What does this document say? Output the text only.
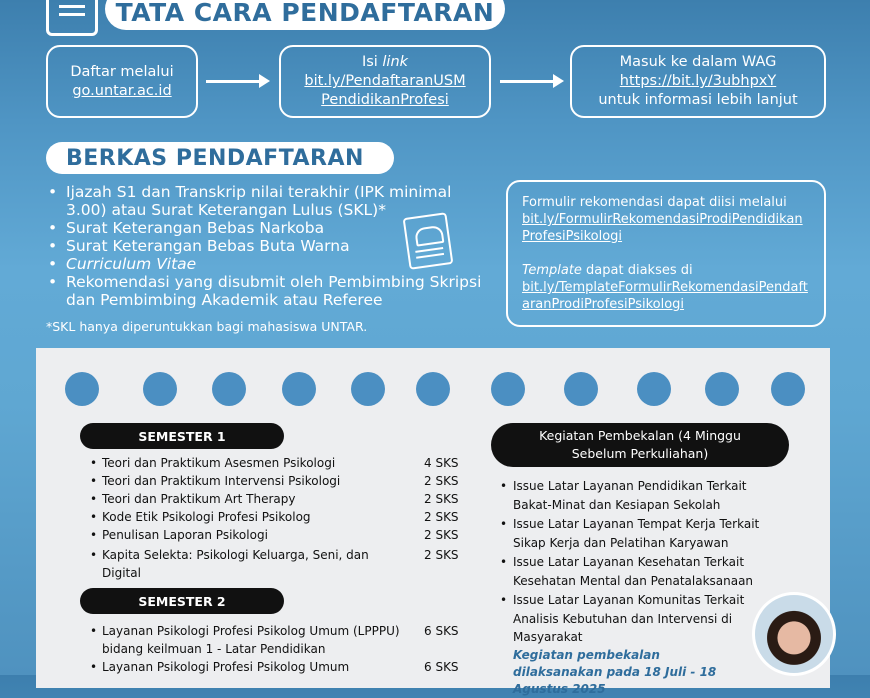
TATA CARA PENDAFTARAN
Daftar melalui
go.untar.ac.id
Isi link
bit.ly/PendaftaranUSM
PendidikanProfesi
Masuk ke dalam WAG
https://bit.ly/3ubhpxY
untuk informasi lebih lanjut
BERKAS PENDAFTARAN
• Ijazah S1 dan Transkrip nilai terakhir (IPK minimal 3.00) atau Surat Keterangan Lulus (SKL)*
• Surat Keterangan Bebas Narkoba
• Surat Keterangan Bebas Buta Warna
• Curriculum Vitae
• Rekomendasi yang disubmit oleh Pembimbing Skripsi dan Pembimbing Akademik atau Referee
*SKL hanya diperuntukkan bagi mahasiswa UNTAR.
Formulir rekomendasi dapat diisi melalui
bit.ly/FormulirRekomendasiProdiPendidikanProfesiPsikologi
Template dapat diakses di
bit.ly/TemplateFormulirRekomendasiPendaftaranProdiProfesiPsikologi
SEMESTER 1
• Teori dan Praktikum Asesmen Psikologi	4 SKS
• Teori dan Praktikum Intervensi Psikologi	2 SKS
• Teori dan Praktikum Art Therapy	2 SKS
• Kode Etik Psikologi Profesi Psikolog	2 SKS
• Penulisan Laporan Psikologi	2 SKS
• Kapita Selekta: Psikologi Keluarga, Seni, dan Digital
2 SKS
SEMESTER 2
• Layanan Psikologi Profesi Psikolog Umum (LPPPU) bidang keilmuan 1 - Latar Pendidikan
6 SKS
• Layanan Psikologi Profesi Psikolog Umum	6 SKS
Kegiatan Pembekalan (4 Minggu Sebelum Perkuliahan)
• Issue Latar Layanan Pendidikan Terkait Bakat-Minat dan Kesiapan Sekolah
• Issue Latar Layanan Tempat Kerja Terkait Sikap Kerja dan Pelatihan Karyawan
• Issue Latar Layanan Kesehatan Terkait Kesehatan Mental dan Penatalaksanaan
• Issue Latar Layanan Komunitas Terkait Analisis Kebutuhan dan Intervensi di Masyarakat
Kegiatan pembekalan dilaksanakan pada 18 Juli - 18 Agustus 2025
